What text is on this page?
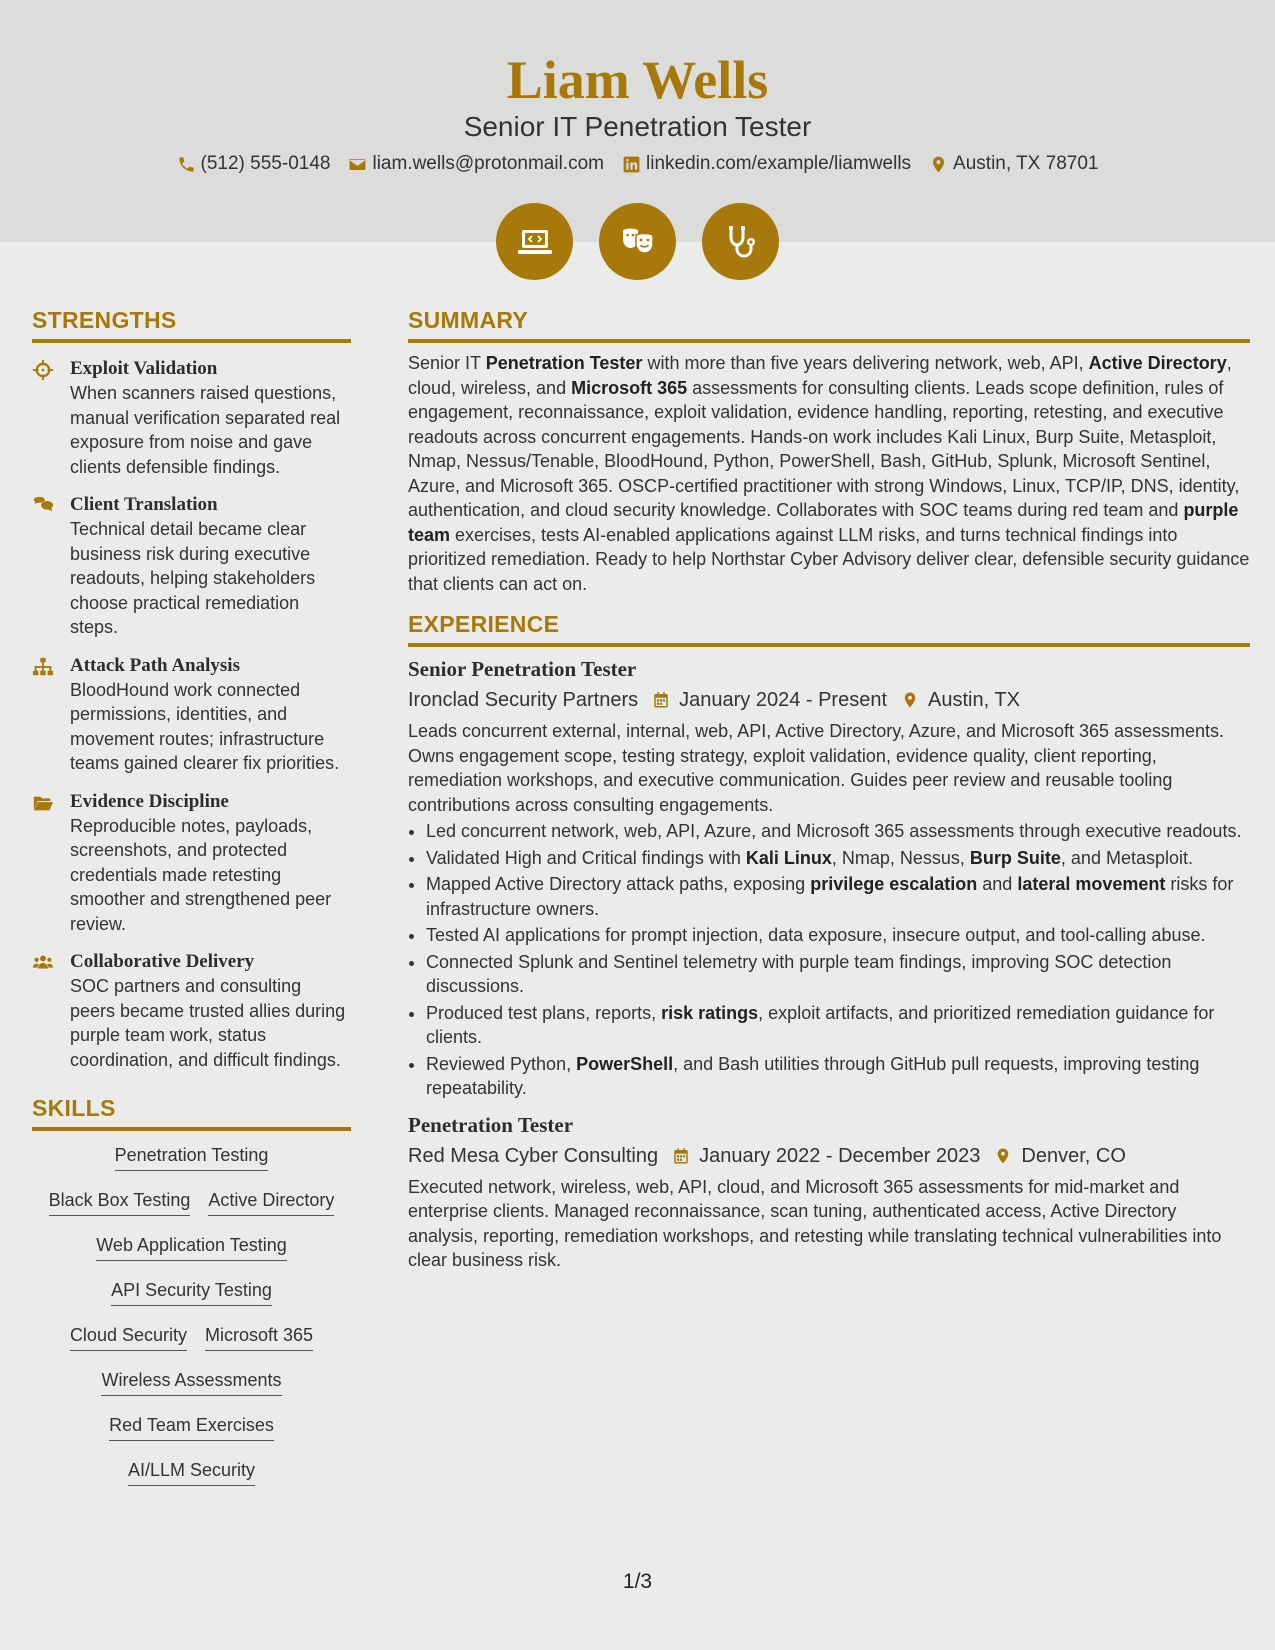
Liam Wells
Senior IT Penetration Tester
(512) 555-0148 liam.wells@protonmail.com linkedin.com/example/liamwells Austin, TX 78701
STRENGTHS
Exploit Validation
When scanners raised questions, manual verification separated real exposure from noise and gave clients defensible findings.
Client Translation
Technical detail became clear business risk during executive readouts, helping stakeholders choose practical remediation steps.
Attack Path Analysis
BloodHound work connected permissions, identities, and movement routes; infrastructure teams gained clearer fix priorities.
Evidence Discipline
Reproducible notes, payloads, screenshots, and protected credentials made retesting smoother and strengthened peer review.
Collaborative Delivery
SOC partners and consulting peers became trusted allies during purple team work, status coordination, and difficult findings.
SKILLS
Penetration Testing
Black Box Testing Active Directory
Web Application Testing
API Security Testing
Cloud Security Microsoft 365
Wireless Assessments
Red Team Exercises
AI/LLM Security
SUMMARY
Senior IT Penetration Tester with more than five years delivering network, web, API, Active Directory, cloud, wireless, and Microsoft 365 assessments for consulting clients. Leads scope definition, rules of engagement, reconnaissance, exploit validation, evidence handling, reporting, retesting, and executive readouts across concurrent engagements. Hands-on work includes Kali Linux, Burp Suite, Metasploit, Nmap, Nessus/Tenable, BloodHound, Python, PowerShell, Bash, GitHub, Splunk, Microsoft Sentinel, Azure, and Microsoft 365. OSCP-certified practitioner with strong Windows, Linux, TCP/IP, DNS, identity, authentication, and cloud security knowledge. Collaborates with SOC teams during red team and purple team exercises, tests AI-enabled applications against LLM risks, and turns technical findings into prioritized remediation. Ready to help Northstar Cyber Advisory deliver clear, defensible security guidance that clients can act on.
EXPERIENCE
Senior Penetration Tester
Ironclad Security Partners January 2024 - Present Austin, TX
Leads concurrent external, internal, web, API, Active Directory, Azure, and Microsoft 365 assessments. Owns engagement scope, testing strategy, exploit validation, evidence quality, client reporting, remediation workshops, and executive communication. Guides peer review and reusable tooling contributions across consulting engagements.
• Led concurrent network, web, API, Azure, and Microsoft 365 assessments through executive readouts.
• Validated High and Critical findings with Kali Linux, Nmap, Nessus, Burp Suite, and Metasploit.
• Mapped Active Directory attack paths, exposing privilege escalation and lateral movement risks for infrastructure owners.
• Tested AI applications for prompt injection, data exposure, insecure output, and tool-calling abuse.
• Connected Splunk and Sentinel telemetry with purple team findings, improving SOC detection discussions.
• Produced test plans, reports, risk ratings, exploit artifacts, and prioritized remediation guidance for clients.
• Reviewed Python, PowerShell, and Bash utilities through GitHub pull requests, improving testing repeatability.
Penetration Tester
Red Mesa Cyber Consulting January 2022 - December 2023 Denver, CO
Executed network, wireless, web, API, cloud, and Microsoft 365 assessments for mid-market and enterprise clients. Managed reconnaissance, scan tuning, authenticated access, Active Directory analysis, reporting, remediation workshops, and retesting while translating technical vulnerabilities into clear business risk.
1/3
